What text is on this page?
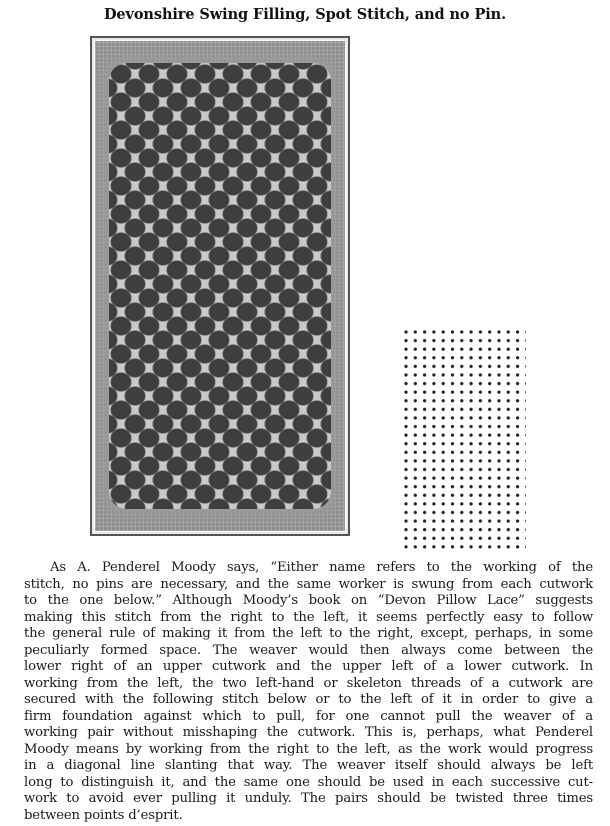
Devonshire Swing Filling, Spot Stitch, and no Pin.
As A. Penderel Moody says, “Either name refers to the working of the
stitch, no pins are necessary, and the same worker is swung from each cutwork
to the one below.” Although Moody’s book on “Devon Pillow Lace” suggests
making this stitch from the right to the left, it seems perfectly easy to follow
the general rule of making it from the left to the right, except, perhaps, in some
peculiarly formed space. The weaver would then always come between the
lower right of an upper cutwork and the upper left of a lower cutwork. In
working from the left, the two left-hand or skeleton threads of a cutwork are
secured with the following stitch below or to the left of it in order to give a
firm foundation against which to pull, for one cannot pull the weaver of a
working pair without misshaping the cutwork. This is, perhaps, what Penderel
Moody means by working from the right to the left, as the work would progress
in a diagonal line slanting that way. The weaver itself should always be left
long to distinguish it, and the same one should be used in each successive cut-
work to avoid ever pulling it unduly. The pairs should be twisted three times
between points d’esprit.
